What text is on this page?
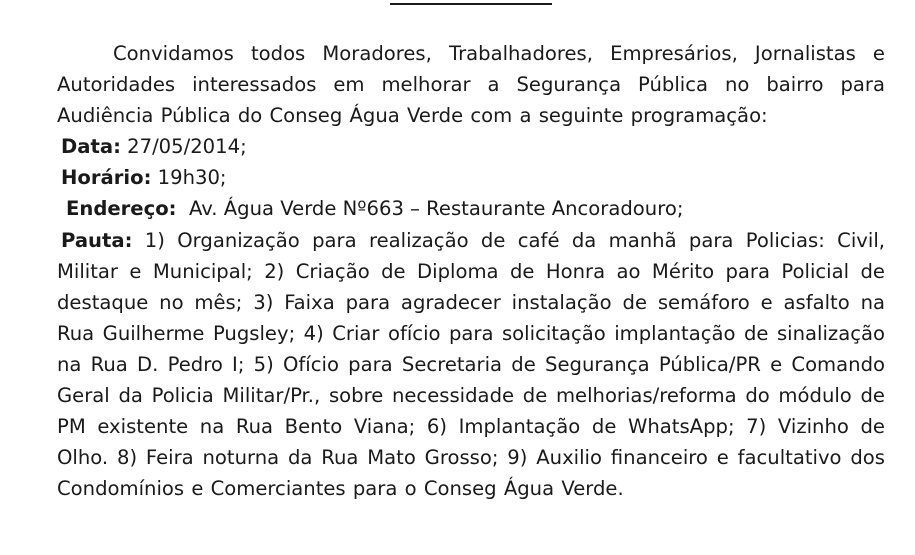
Convidamos todos Moradores, Trabalhadores, Empresários, Jornalistas e Autoridades interessados em melhorar a Segurança Pública no bairro para Audiência Pública do Conseg Água Verde com a seguinte programação:

Data: 27/05/2014;

Horário: 19h30;

Endereço:  Av. Água Verde Nº663 – Restaurante Ancoradouro;

Pauta: 1) Organização para realização de café da manhã para Policias: Civil, Militar e Municipal; 2) Criação de Diploma de Honra ao Mérito para Policial de destaque no mês; 3) Faixa para agradecer instalação de semáforo e asfalto na Rua Guilherme Pugsley; 4) Criar ofício para solicitação implantação de sinalização na Rua D. Pedro I; 5) Ofício para Secretaria de Segurança Pública/PR e Comando Geral da Policia Militar/Pr., sobre necessidade de melhorias/reforma do módulo de PM existente na Rua Bento Viana; 6) Implantação de WhatsApp; 7) Vizinho de Olho. 8) Feira noturna da Rua Mato Grosso; 9) Auxilio financeiro e facultativo dos Condomínios e Comerciantes para o Conseg Água Verde.
